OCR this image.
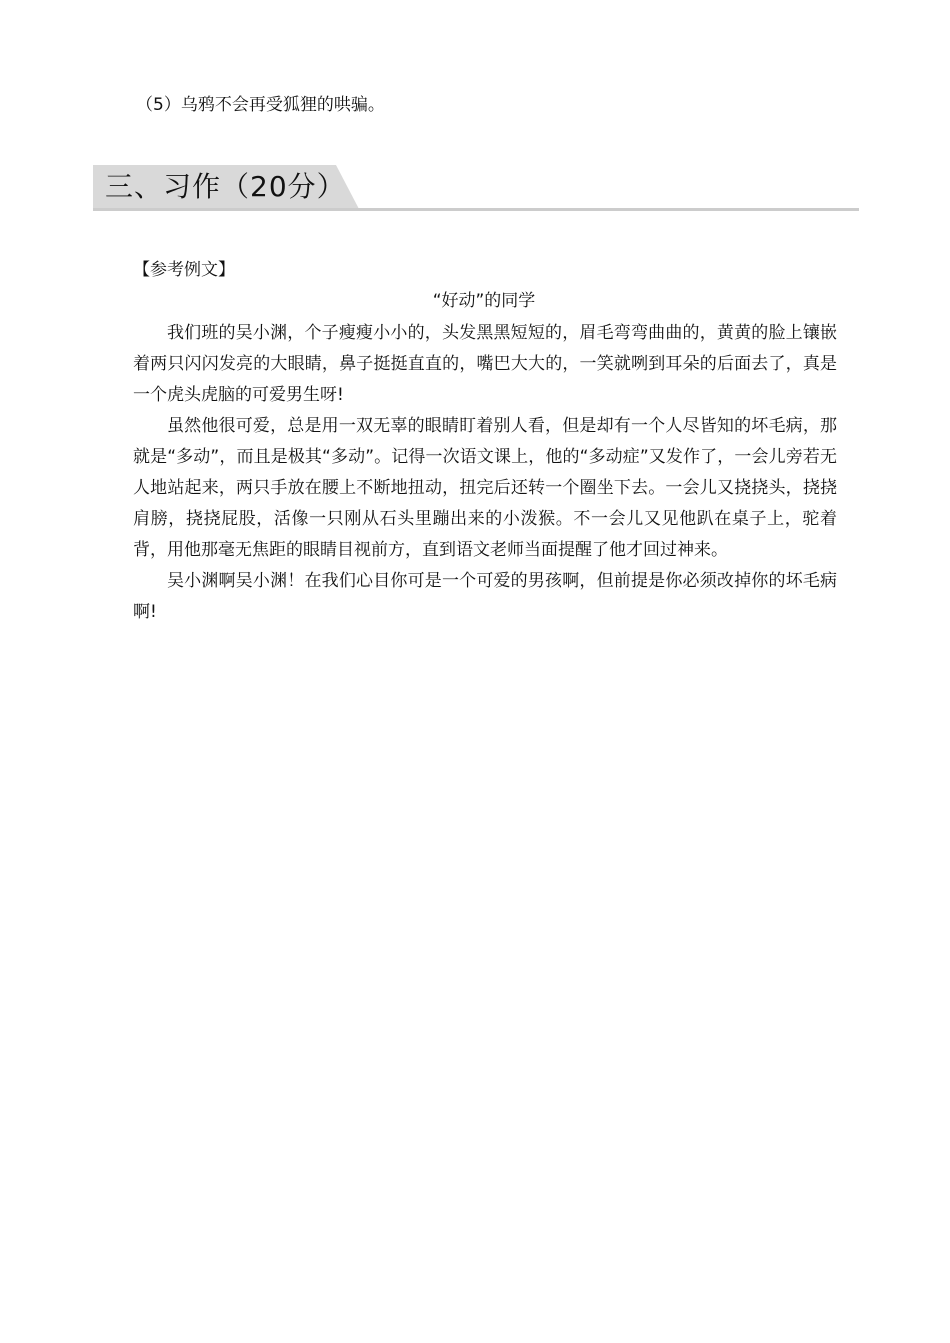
（5）乌鸦不会再受狐狸的哄骗。
三、习作（20分）
【参考例文】
“好动”的同学

我们班的吴小渊，个子瘦瘦小小的，头发黑黑短短的，眉毛弯弯曲曲的，黄黄的脸上镶嵌着两只闪闪发亮的大眼睛，鼻子挺挺直直的，嘴巴大大的，一笑就咧到耳朵的后面去了，真是一个虎头虎脑的可爱男生呀!

虽然他很可爱，总是用一双无辜的眼睛盯着别人看，但是却有一个人尽皆知的坏毛病，那就是“多动”，而且是极其“多动”。记得一次语文课上，他的“多动症”又发作了，一会儿旁若无人地站起来，两只手放在腰上不断地扭动，扭完后还转一个圈坐下去。一会儿又挠挠头，挠挠肩膀，挠挠屁股，活像一只刚从石头里蹦出来的小泼猴。不一会儿又见他趴在桌子上，驼着背，用他那毫无焦距的眼睛目视前方，直到语文老师当面提醒了他才回过神来。

吴小渊啊吴小渊！在我们心目你可是一个可爱的男孩啊，但前提是你必须改掉你的坏毛病啊!
